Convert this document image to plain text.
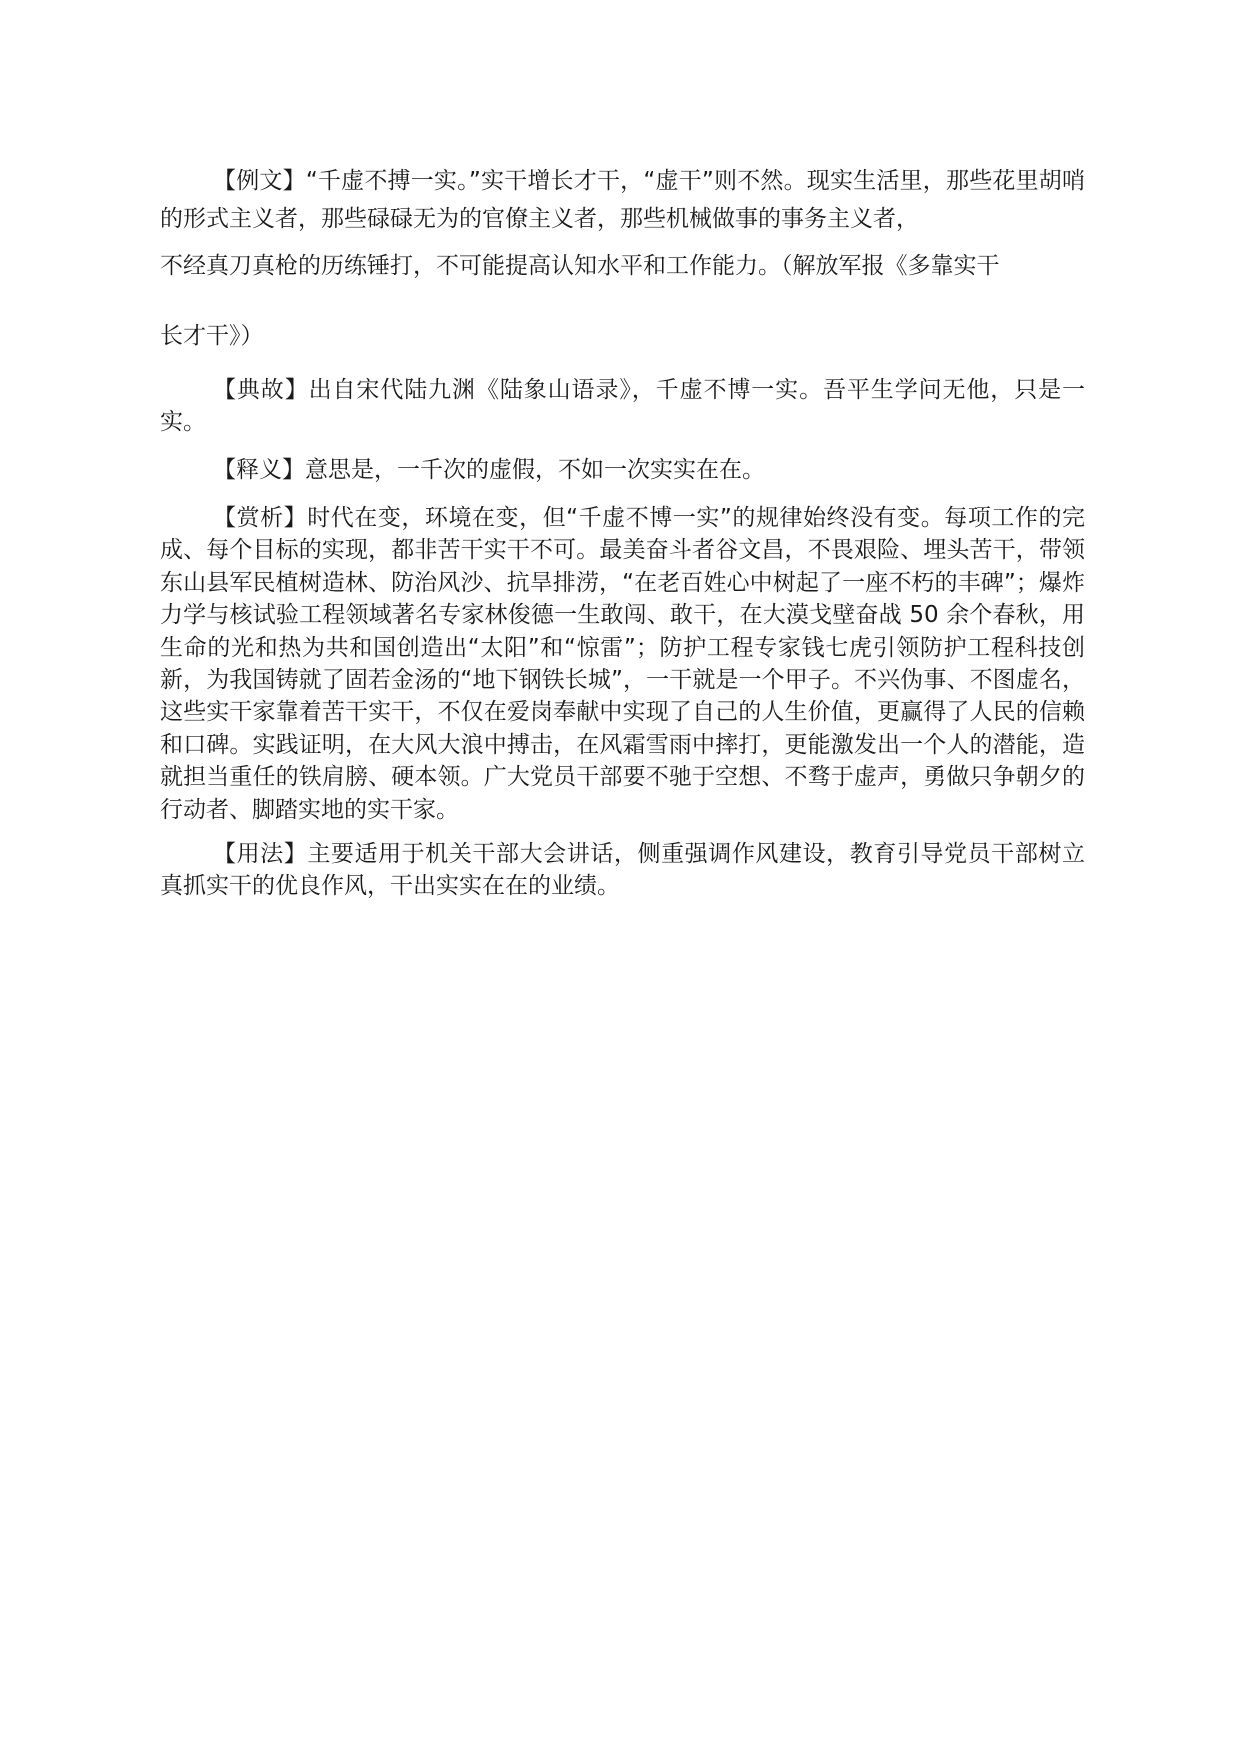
【例文】“千虚不搏一实。”实干增长才干，“虚干”则不然。现实生活里，那些花里胡哨的形式主义者，那些碌碌无为的官僚主义者，那些机械做事的事务主义者，
不经真刀真枪的历练锤打，不可能提高认知水平和工作能力。（解放军报《多靠实干
长才干》）

【典故】出自宋代陆九渊《陆象山语录》，千虚不博一实。吾平生学问无他，只是一实。

【释义】意思是，一千次的虚假，不如一次实实在在。

【赏析】时代在变，环境在变，但“千虚不博一实”的规律始终没有变。每项工作的完成、每个目标的实现，都非苦干实干不可。最美奋斗者谷文昌，不畏艰险、埋头苦干，带领东山县军民植树造林、防治风沙、抗旱排涝，“在老百姓心中树起了一座不朽的丰碑”；爆炸力学与核试验工程领域著名专家林俊德一生敢闯、敢干，在大漠戈壁奋战 50 余个春秋，用生命的光和热为共和国创造出“太阳”和“惊雷”；防护工程专家钱七虎引领防护工程科技创新，为我国铸就了固若金汤的“地下钢铁长城”，一干就是一个甲子。不兴伪事、不图虚名，这些实干家靠着苦干实干，不仅在爱岗奉献中实现了自己的人生价值，更赢得了人民的信赖和口碑。实践证明，在大风大浪中搏击，在风霜雪雨中摔打，更能激发出一个人的潜能，造就担当重任的铁肩膀、硬本领。广大党员干部要不驰于空想、不骛于虚声，勇做只争朝夕的行动者、脚踏实地的实干家。

【用法】主要适用于机关干部大会讲话，侧重强调作风建设，教育引导党员干部树立真抓实干的优良作风，干出实实在在的业绩。
